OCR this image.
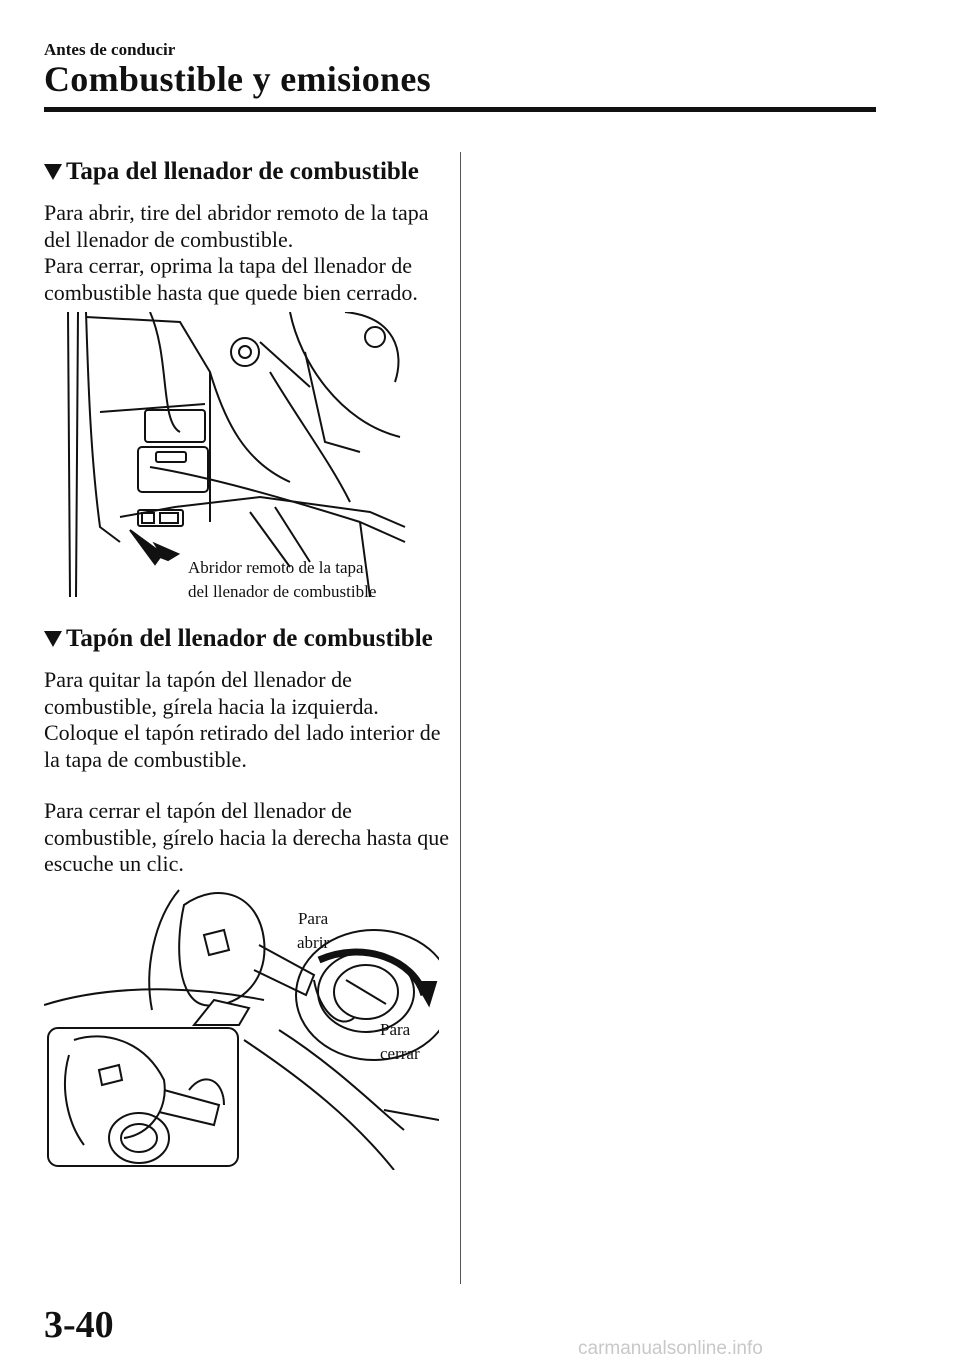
Antes de conducir
Combustible y emisiones
Tapa del llenador de combustible

Para abrir, tire del abridor remoto de la tapa del llenador de combustible.

Para cerrar, oprima la tapa del llenador de combustible hasta que quede bien cerrado.

Abridor remoto de la tapa
del llenador de combustible
Tapón del llenador de combustible

Para quitar la tapón del llenador de combustible, gírela hacia la izquierda. Coloque el tapón retirado del lado interior de la tapa de combustible.

Para cerrar el tapón del llenador de combustible, gírelo hacia la derecha hasta que escuche un clic.

Para
abrir
Para
cerrar
3-40
carmanualsonline.info
